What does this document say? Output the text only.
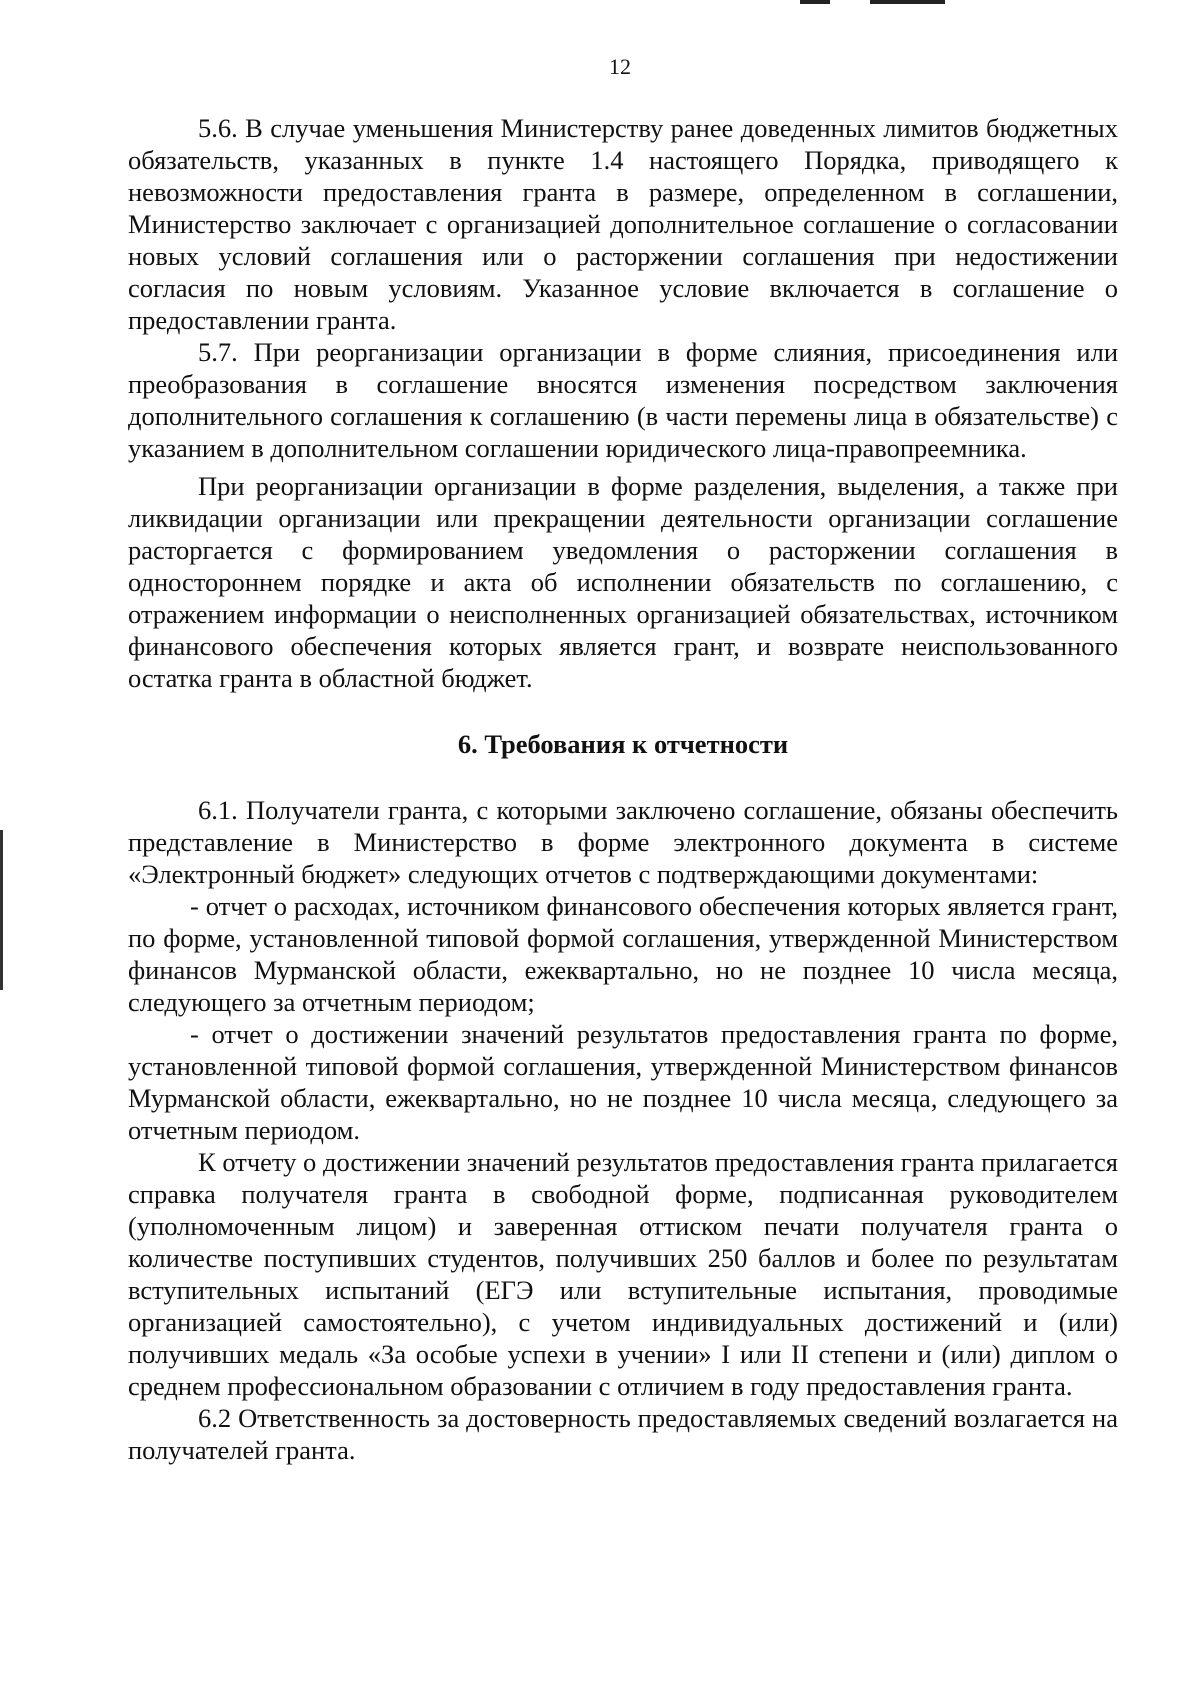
12

5.6. В случае уменьшения Министерству ранее доведенных лимитов бюджетных обязательств, указанных в пункте 1.4 настоящего Порядка, приводящего к невозможности предоставления гранта в размере, определенном в соглашении, Министерство заключает с организацией дополнительное соглашение о согласовании новых условий соглашения или о расторжении соглашения при недостижении согласия по новым условиям. Указанное условие включается в соглашение о предоставлении гранта.

5.7. При реорганизации организации в форме слияния, присоединения или преобразования в соглашение вносятся изменения посредством заключения дополнительного соглашения к соглашению (в части перемены лица в обязательстве) с указанием в дополнительном соглашении юридического лица-правопреемника.

При реорганизации организации в форме разделения, выделения, а также при ликвидации организации или прекращении деятельности организации соглашение расторгается с формированием уведомления о расторжении соглашения в одностороннем порядке и акта об исполнении обязательств по соглашению, с отражением информации о неисполненных организацией обязательствах, источником финансового обеспечения которых является грант, и возврате неиспользованного остатка гранта в областной бюджет.

6. Требования к отчетности

6.1. Получатели гранта, с которыми заключено соглашение, обязаны обеспечить представление в Министерство в форме электронного документа в системе «Электронный бюджет» следующих отчетов с подтверждающими документами:

- отчет о расходах, источником финансового обеспечения которых является грант, по форме, установленной типовой формой соглашения, утвержденной Министерством финансов Мурманской области, ежеквартально, но не позднее 10 числа месяца, следующего за отчетным периодом;

- отчет о достижении значений результатов предоставления гранта по форме, установленной типовой формой соглашения, утвержденной Министерством финансов Мурманской области, ежеквартально, но не позднее 10 числа месяца, следующего за отчетным периодом.

К отчету о достижении значений результатов предоставления гранта прилагается справка получателя гранта в свободной форме, подписанная руководителем (уполномоченным лицом) и заверенная оттиском печати получателя гранта о количестве поступивших студентов, получивших 250 баллов и более по результатам вступительных испытаний (ЕГЭ или вступительные испытания, проводимые организацией самостоятельно), с учетом индивидуальных достижений и (или) получивших медаль «За особые успехи в учении» I или II степени и (или) диплом о среднем профессиональном образовании с отличием в году предоставления гранта.

6.2 Ответственность за достоверность предоставляемых сведений возлагается на получателей гранта.
